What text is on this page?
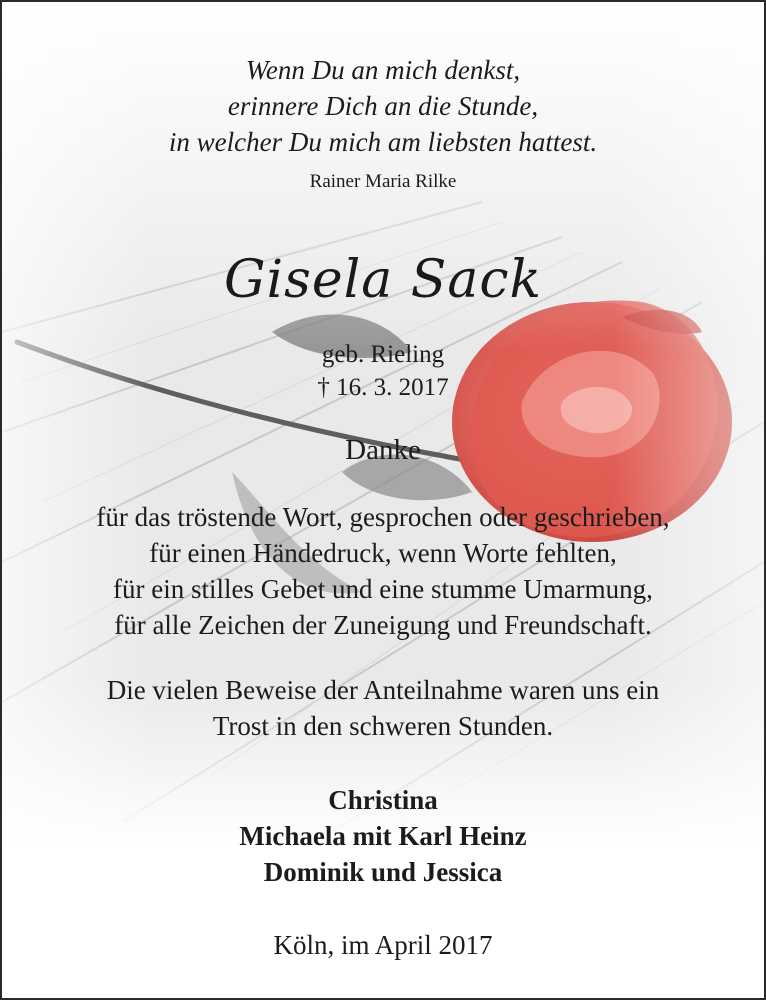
Wenn Du an mich denkst,

erinnere Dich an die Stunde,

in welcher Du mich am liebsten hattest.

Rainer Maria Rilke
Gisela Sack
geb. Rieling
† 16. 3. 2017
Danke

für das tröstende Wort, gesprochen oder geschrieben,

für einen Händedruck, wenn Worte fehlten,

für ein stilles Gebet und eine stumme Umarmung,

für alle Zeichen der Zuneigung und Freundschaft.

Die vielen Beweise der Anteilnahme waren uns ein

Trost in den schweren Stunden.

Christina

Michaela mit Karl Heinz

Dominik und Jessica

Köln, im April 2017
